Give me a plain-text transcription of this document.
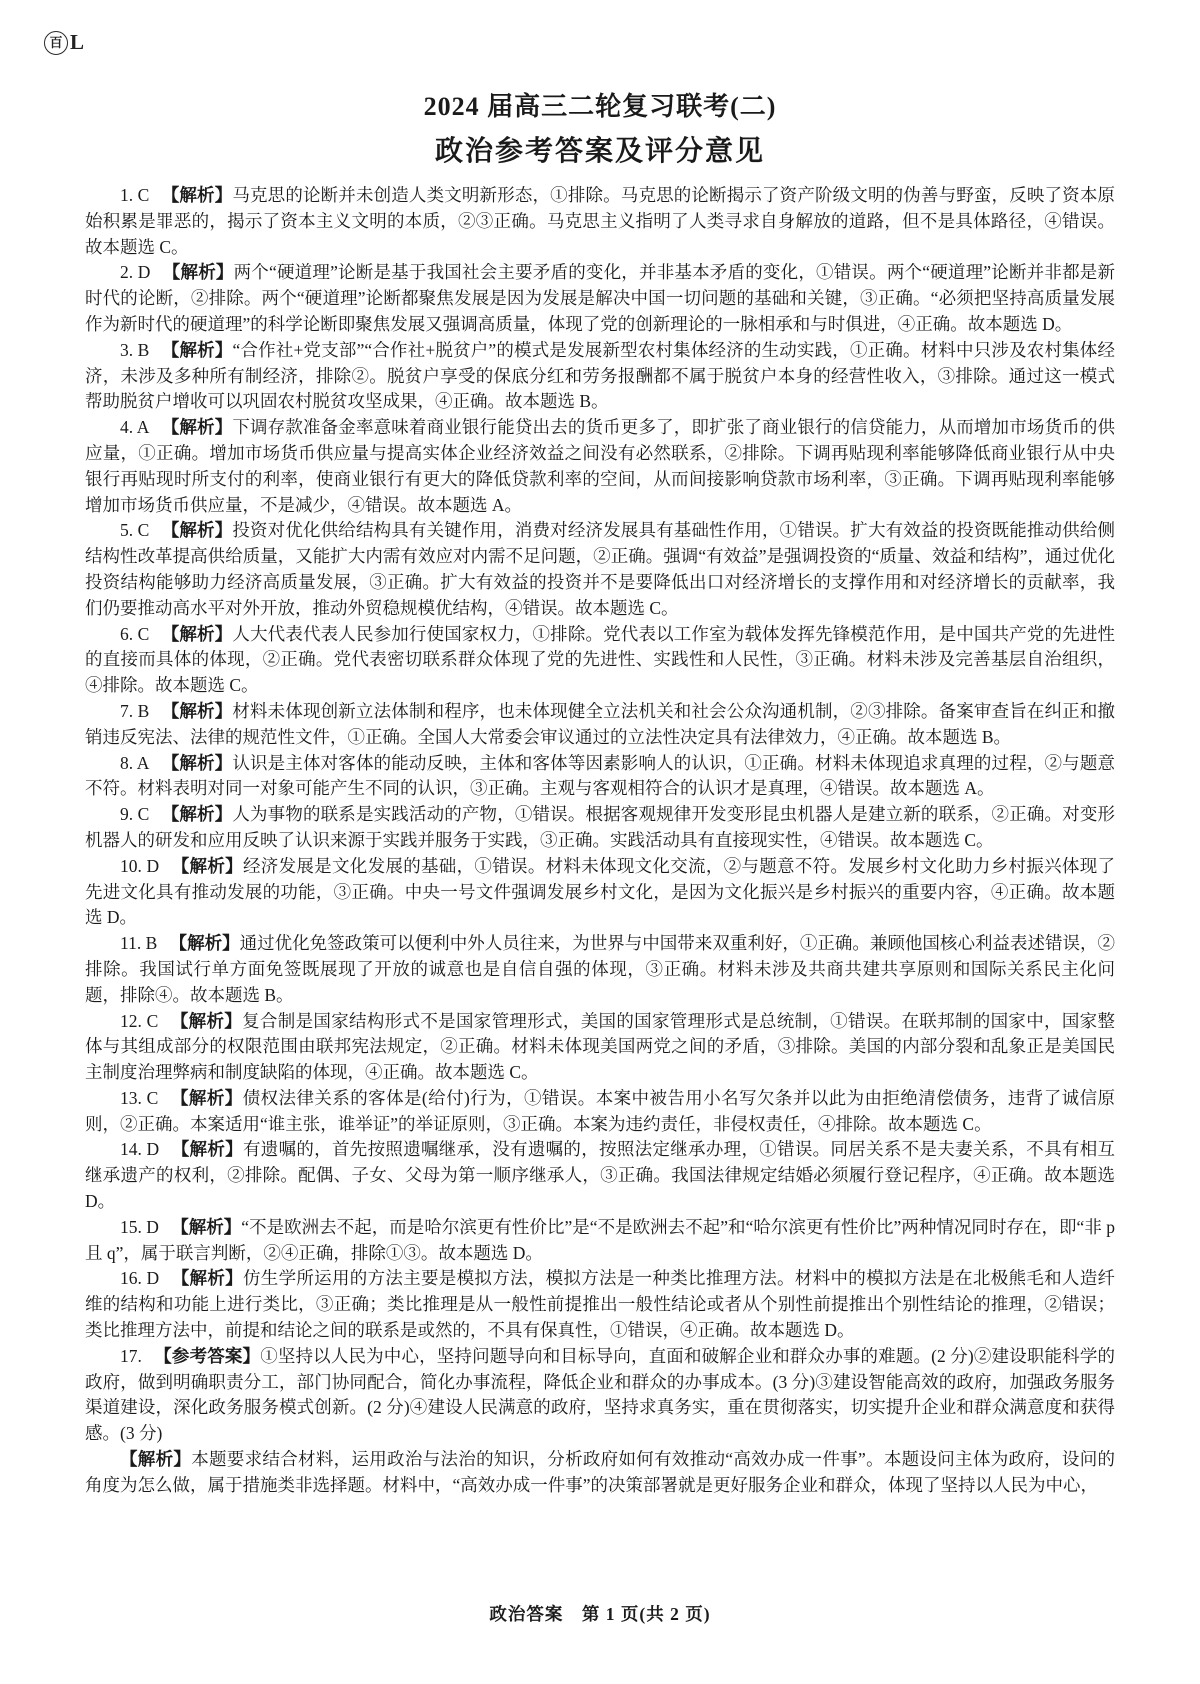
百 L
2024 届高三二轮复习联考(二)
政治参考答案及评分意见

1. C 【解析】马克思的论断并未创造人类文明新形态，①排除。马克思的论断揭示了资产阶级文明的伪善与野蛮，反映了资本原始积累是罪恶的，揭示了资本主义文明的本质，②③正确。马克思主义指明了人类寻求自身解放的道路，但不是具体路径，④错误。故本题选 C。

2. D 【解析】两个“硬道理”论断是基于我国社会主要矛盾的变化，并非基本矛盾的变化，①错误。两个“硬道理”论断并非都是新时代的论断，②排除。两个“硬道理”论断都聚焦发展是因为发展是解决中国一切问题的基础和关键，③正确。“必须把坚持高质量发展作为新时代的硬道理”的科学论断即聚焦发展又强调高质量，体现了党的创新理论的一脉相承和与时俱进，④正确。故本题选 D。

3. B 【解析】“合作社+党支部”“合作社+脱贫户”的模式是发展新型农村集体经济的生动实践，①正确。材料中只涉及农村集体经济，未涉及多种所有制经济，排除②。脱贫户享受的保底分红和劳务报酬都不属于脱贫户本身的经营性收入，③排除。通过这一模式帮助脱贫户增收可以巩固农村脱贫攻坚成果，④正确。故本题选 B。

4. A 【解析】下调存款准备金率意味着商业银行能贷出去的货币更多了，即扩张了商业银行的信贷能力，从而增加市场货币的供应量，①正确。增加市场货币供应量与提高实体企业经济效益之间没有必然联系，②排除。下调再贴现利率能够降低商业银行从中央银行再贴现时所支付的利率，使商业银行有更大的降低贷款利率的空间，从而间接影响贷款市场利率，③正确。下调再贴现利率能够增加市场货币供应量，不是减少，④错误。故本题选 A。

5. C 【解析】投资对优化供给结构具有关键作用，消费对经济发展具有基础性作用，①错误。扩大有效益的投资既能推动供给侧结构性改革提高供给质量，又能扩大内需有效应对内需不足问题，②正确。强调“有效益”是强调投资的“质量、效益和结构”，通过优化投资结构能够助力经济高质量发展，③正确。扩大有效益的投资并不是要降低出口对经济增长的支撑作用和对经济增长的贡献率，我们仍要推动高水平对外开放，推动外贸稳规模优结构，④错误。故本题选 C。

6. C 【解析】人大代表代表人民参加行使国家权力，①排除。党代表以工作室为载体发挥先锋模范作用，是中国共产党的先进性的直接而具体的体现，②正确。党代表密切联系群众体现了党的先进性、实践性和人民性，③正确。材料未涉及完善基层自治组织，④排除。故本题选 C。

7. B 【解析】材料未体现创新立法体制和程序，也未体现健全立法机关和社会公众沟通机制，②③排除。备案审查旨在纠正和撤销违反宪法、法律的规范性文件，①正确。全国人大常委会审议通过的立法性决定具有法律效力，④正确。故本题选 B。

8. A 【解析】认识是主体对客体的能动反映，主体和客体等因素影响人的认识，①正确。材料未体现追求真理的过程，②与题意不符。材料表明对同一对象可能产生不同的认识，③正确。主观与客观相符合的认识才是真理，④错误。故本题选 A。

9. C 【解析】人为事物的联系是实践活动的产物，①错误。根据客观规律开发变形昆虫机器人是建立新的联系，②正确。对变形机器人的研发和应用反映了认识来源于实践并服务于实践，③正确。实践活动具有直接现实性，④错误。故本题选 C。

10. D 【解析】经济发展是文化发展的基础，①错误。材料未体现文化交流，②与题意不符。发展乡村文化助力乡村振兴体现了先进文化具有推动发展的功能，③正确。中央一号文件强调发展乡村文化，是因为文化振兴是乡村振兴的重要内容，④正确。故本题选 D。

11. B 【解析】通过优化免签政策可以便利中外人员往来，为世界与中国带来双重利好，①正确。兼顾他国核心利益表述错误，②排除。我国试行单方面免签既展现了开放的诚意也是自信自强的体现，③正确。材料未涉及共商共建共享原则和国际关系民主化问题，排除④。故本题选 B。

12. C 【解析】复合制是国家结构形式不是国家管理形式，美国的国家管理形式是总统制，①错误。在联邦制的国家中，国家整体与其组成部分的权限范围由联邦宪法规定，②正确。材料未体现美国两党之间的矛盾，③排除。美国的内部分裂和乱象正是美国民主制度治理弊病和制度缺陷的体现，④正确。故本题选 C。

13. C 【解析】债权法律关系的客体是(给付)行为，①错误。本案中被告用小名写欠条并以此为由拒绝清偿债务，违背了诚信原则，②正确。本案适用“谁主张，谁举证”的举证原则，③正确。本案为违约责任，非侵权责任，④排除。故本题选 C。

14. D 【解析】有遗嘱的，首先按照遗嘱继承，没有遗嘱的，按照法定继承办理，①错误。同居关系不是夫妻关系，不具有相互继承遗产的权利，②排除。配偶、子女、父母为第一顺序继承人，③正确。我国法律规定结婚必须履行登记程序，④正确。故本题选 D。

15. D 【解析】“不是欧洲去不起，而是哈尔滨更有性价比”是“不是欧洲去不起”和“哈尔滨更有性价比”两种情况同时存在，即“非 p 且 q”，属于联言判断，②④正确，排除①③。故本题选 D。

16. D 【解析】仿生学所运用的方法主要是模拟方法，模拟方法是一种类比推理方法。材料中的模拟方法是在北极熊毛和人造纤维的结构和功能上进行类比，③正确；类比推理是从一般性前提推出一般性结论或者从个别性前提推出个别性结论的推理，②错误；类比推理方法中，前提和结论之间的联系是或然的，不具有保真性，①错误，④正确。故本题选 D。

17. 【参考答案】①坚持以人民为中心，坚持问题导向和目标导向，直面和破解企业和群众办事的难题。(2 分)②建设职能科学的政府，做到明确职责分工，部门协同配合，简化办事流程，降低企业和群众的办事成本。(3 分)③建设智能高效的政府，加强政务服务渠道建设，深化政务服务模式创新。(2 分)④建设人民满意的政府，坚持求真务实，重在贯彻落实，切实提升企业和群众满意度和获得感。(3 分)

【解析】本题要求结合材料，运用政治与法治的知识，分析政府如何有效推动“高效办成一件事”。本题设问主体为政府，设问的角度为怎么做，属于措施类非选择题。材料中，“高效办成一件事”的决策部署就是更好服务企业和群众，体现了坚持以人民为中心，

政治答案　第 1 页(共 2 页)
